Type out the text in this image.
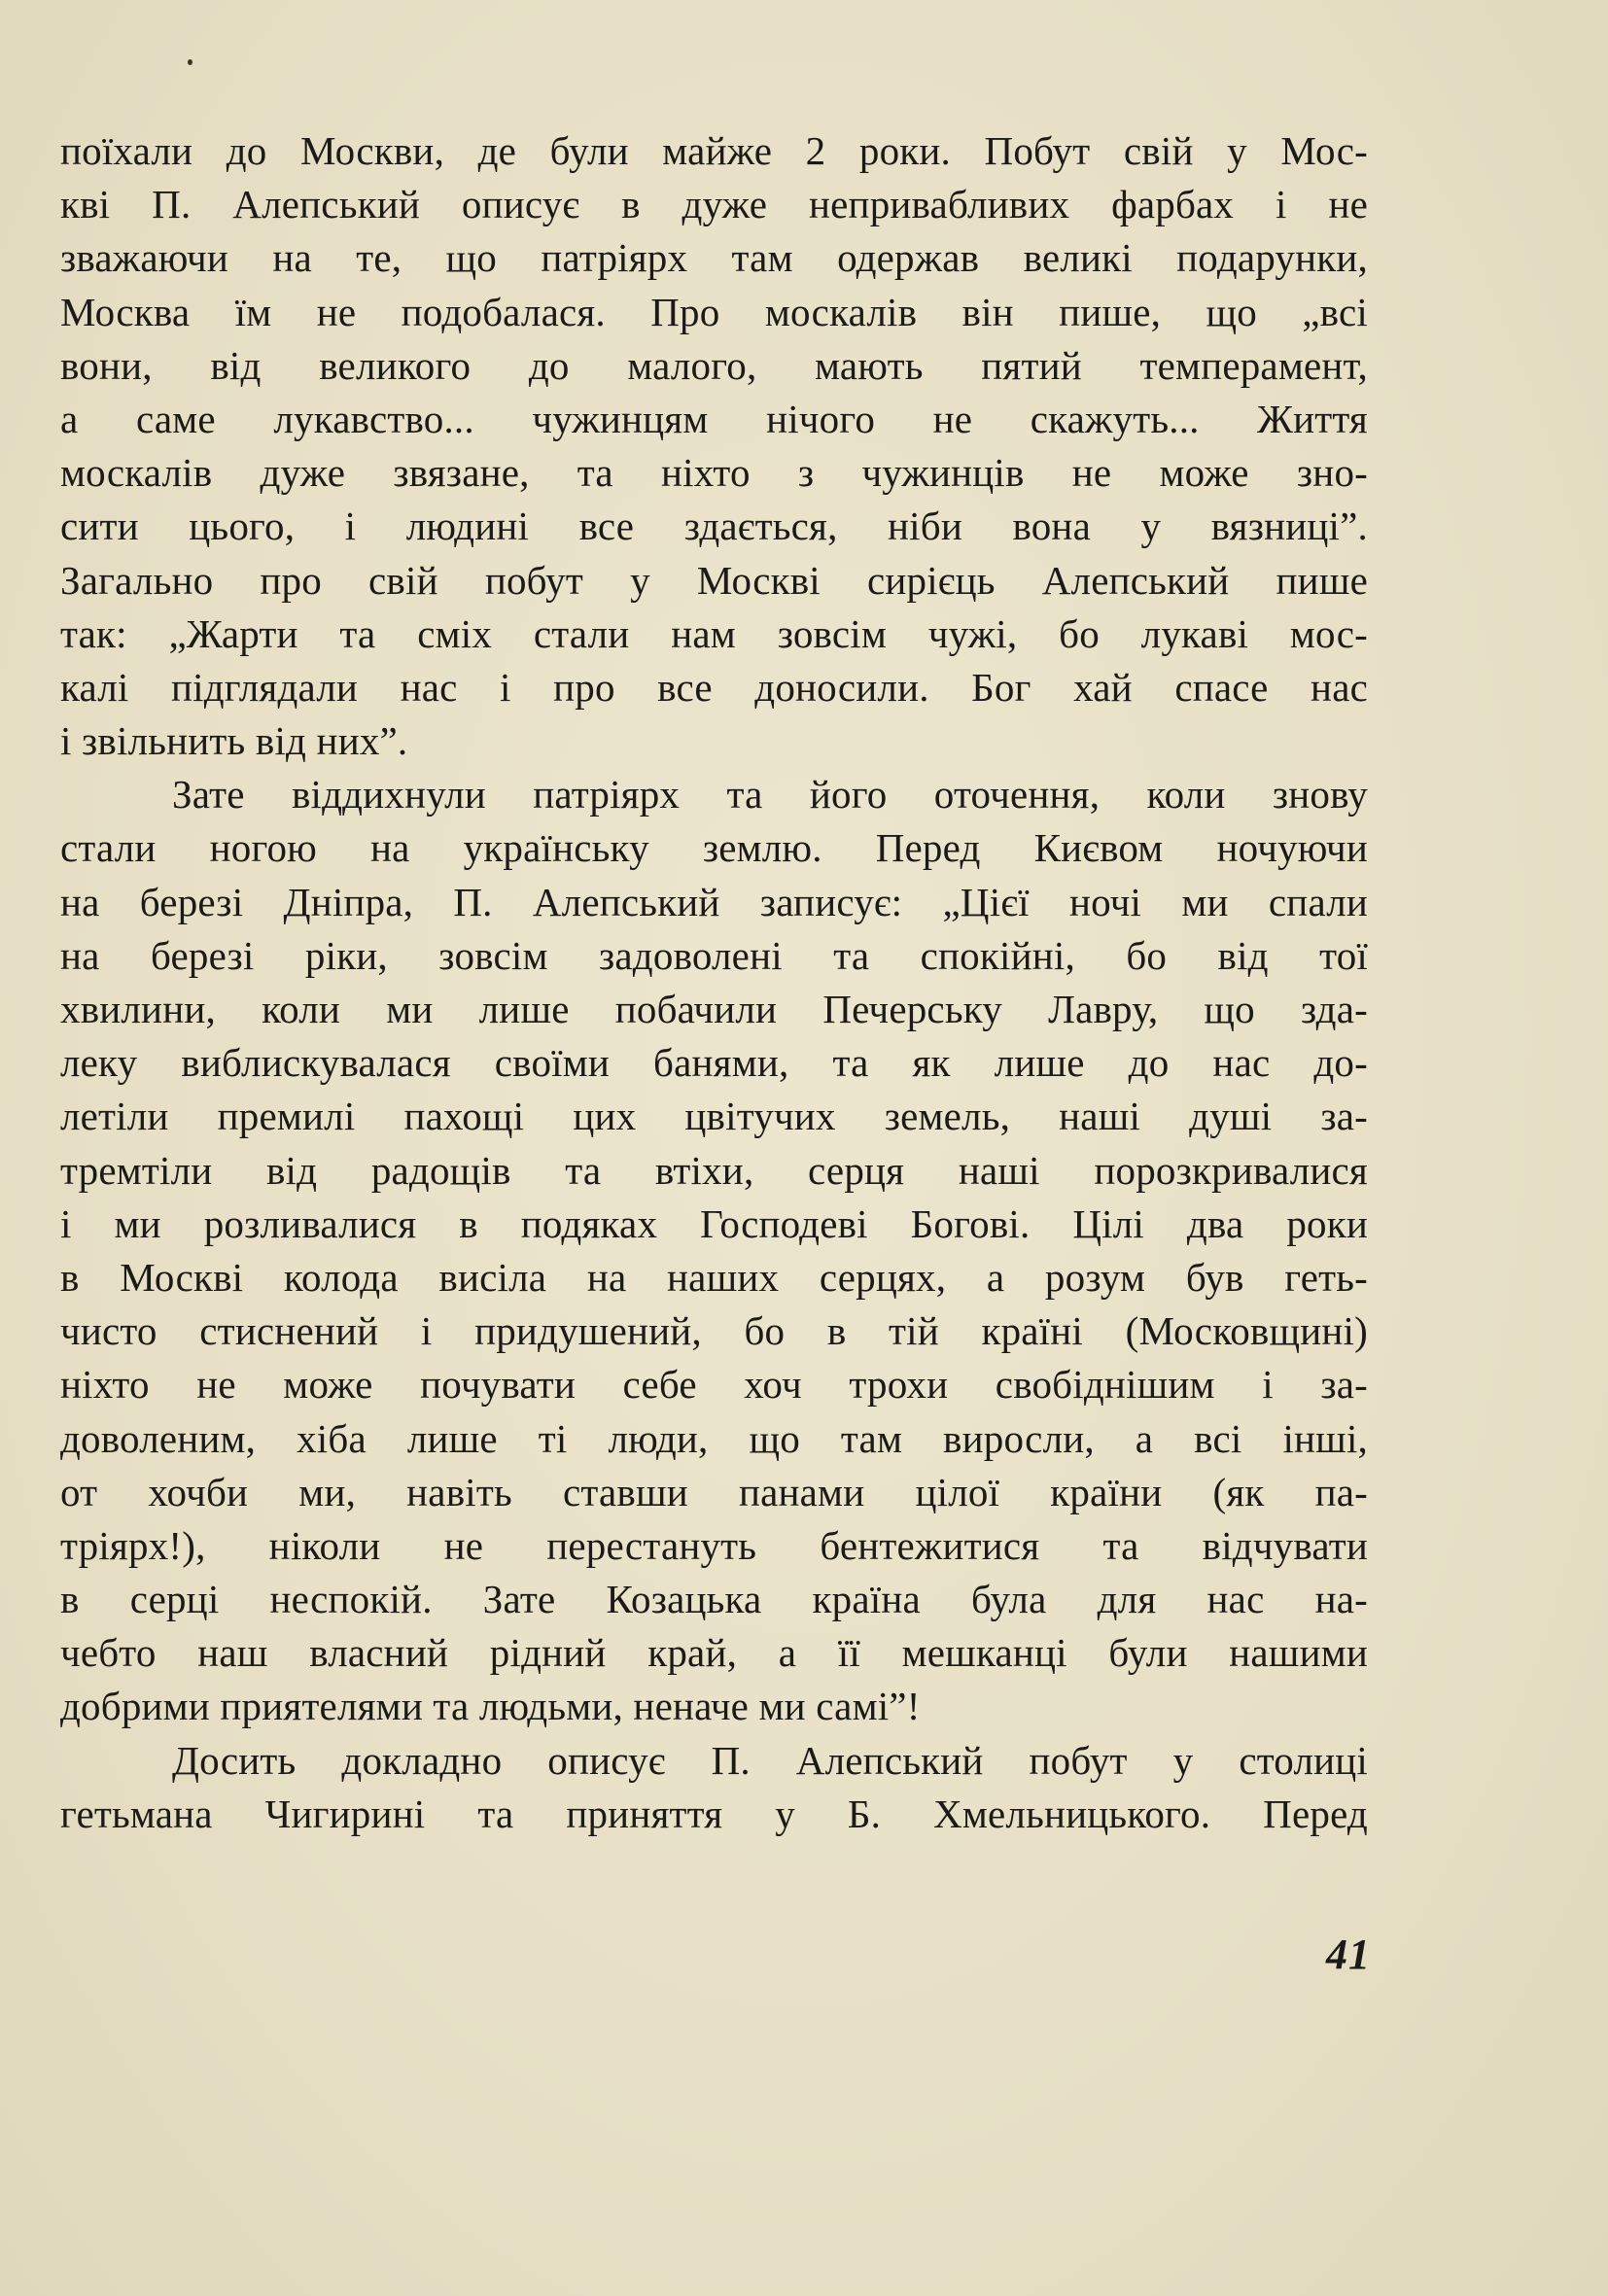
поїхали до Москви, де були майже 2 роки. Побут свій у Мос-
кві П. Алепський описує в дуже непривабливих фарбах і не
зважаючи на те, що патріярх там одержав великі подарунки,
Москва їм не подобалася. Про москалів він пише, що „всі
вони, від великого до малого, мають пятий темперамент,
а саме лукавство... чужинцям нічого не скажуть... Життя
москалів дуже звязане, та ніхто з чужинців не може зно-
сити цього, і людині все здається, ніби вона у вязниці”.
Загально про свій побут у Москві сирієць Алепський пише
так: „Жарти та сміх стали нам зовсім чужі, бо лукаві мос-
калі підглядали нас і про все доносили. Бог хай спасе нас
і звільнить від них”.
Зате віддихнули патріярх та його оточення, коли знову
стали ногою на українську землю. Перед Києвом ночуючи
на березі Дніпра, П. Алепський записує: „Цієї ночі ми спали
на березі ріки, зовсім задоволені та спокійні, бо від тої
хвилини, коли ми лише побачили Печерську Лавру, що зда-
леку виблискувалася своїми банями, та як лише до нас до-
летіли премилі пахощі цих цвітучих земель, наші душі за-
тремтіли від радощів та втіхи, серця наші порозкривалися
і ми розливалися в подяках Господеві Богові. Цілі два роки
в Москві колода висіла на наших серцях, а розум був геть-
чисто стиснений і придушений, бо в тій країні (Московщині)
ніхто не може почувати себе хоч трохи свобіднішим і за-
доволеним, хіба лише ті люди, що там виросли, а всі інші,
от хочби ми, навіть ставши панами цілої країни (як па-
тріярх!), ніколи не перестануть бентежитися та відчувати
в серці неспокій. Зате Козацька країна була для нас на-
чебто наш власний рідний край, а її мешканці були нашими
добрими приятелями та людьми, неначе ми самі”!
Досить докладно описує П. Алепський побут у столиці
гетьмана Чигирині та приняття у Б. Хмельницького. Перед
41
